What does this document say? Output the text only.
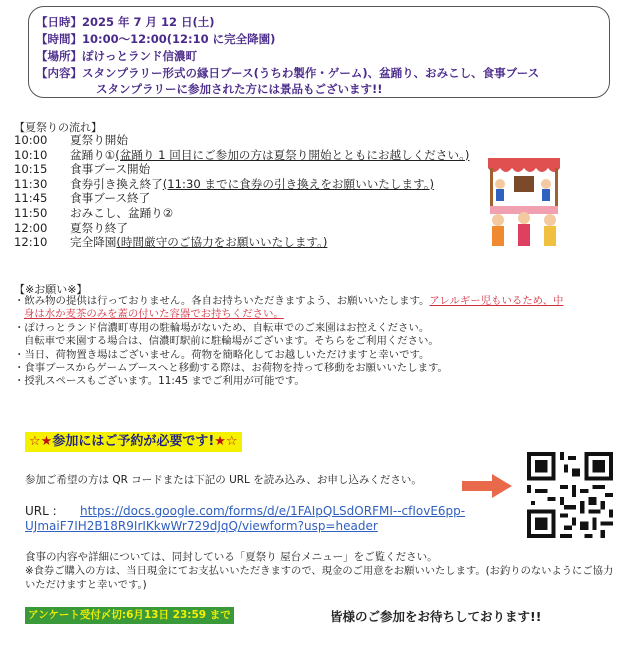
【日時】2025 年 7 月 12 日(土)
【時間】10:00〜12:00(12:10 に完全降園)
【場所】ぽけっとランド信濃町
【内容】スタンプラリー形式の縁日ブース(うちわ製作・ゲーム)、盆踊り、おみこし、食事ブース
スタンプラリーに参加された方には景品もございます!!
【夏祭りの流れ】
10:00 夏祭り開始
10:10 盆踊り①(盆踊り 1 回目にご参加の方は夏祭り開始とともにお越しください。)
10:15 食事ブース開始
11:30 食券引き換え終了(11:30 までに食券の引き換えをお願いいたします。)
11:45 食事ブース終了
11:50 おみこし、盆踊り②
12:00 夏祭り終了
12:10 完全降園(時間厳守のご協力をお願いいたします。)
【※お願い※】
・飲み物の提供は行っておりません。各自お持ちいただきますよう、お願いいたします。アレルギー児もいるため、中
身は水か麦茶のみを蓋の付いた容器でお持ちください。
・ぽけっとランド信濃町専用の駐輪場がないため、自転車でのご来園はお控えください。
自転車で来園する場合は、信濃町駅前に駐輪場がございます。そちらをご利用ください。
・当日、荷物置き場はございません。荷物を簡略化してお越しいただけますと幸いです。
・食事ブースからゲームブースへと移動する際は、お荷物を持って移動をお願いいたします。
・授乳スペースもございます。11:45 までご利用が可能です。
☆★参加にはご予約が必要です!★☆
参加ご希望の方は QR コードまたは下記の URL を読み込み、お申し込みください。
URL : https://docs.google.com/forms/d/e/1FAIpQLSdORFMI--cfIovE6pp-
UJmaiF7IH2B18R9IrIKkwWr729dJqQ/viewform?usp=header
食事の内容や詳細については、同封している「夏祭り 屋台メニュー」をご覧ください。
※食券ご購入の方は、当日現金にてお支払いいただきますので、現金のご用意をお願いいたします。(お釣りのないようにご協力いただけますと幸いです。)
アンケート受付〆切:6月13日 23:59 まで	皆様のご参加をお待ちしております!!
